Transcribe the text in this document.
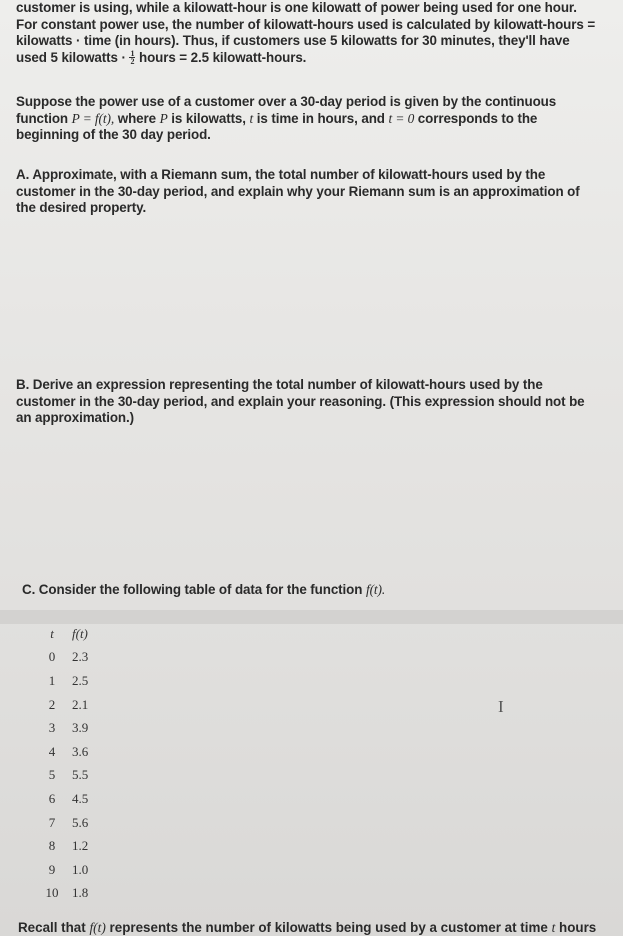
customer is using, while a kilowatt-hour is one kilowatt of power being used for one hour.
For constant power use, the number of kilowatt-hours used is calculated by kilowatt-hours =
kilowatts · time (in hours). Thus, if customers use 5 kilowatts for 30 minutes, they'll have
used 5 kilowatts · $\frac{1}{2}$ hours = 2.5 kilowatt-hours.
Suppose the power use of a customer over a 30-day period is given by the continuous
function P = f(t), where P is kilowatts, t is time in hours, and t = 0 corresponds to the
beginning of the 30 day period.
A. Approximate, with a Riemann sum, the total number of kilowatt-hours used by the
customer in the 30-day period, and explain why your Riemann sum is an approximation of
the desired property.
B. Derive an expression representing the total number of kilowatt-hours used by the
customer in the 30-day period, and explain your reasoning. (This expression should not be
an approximation.)
C. Consider the following table of data for the function f(t).
t	f(t)
0	2.3
1	2.5
2	2.1
3	3.9
4	3.6
5	5.5
6	4.5
7	5.6
8	1.2
9	1.0
10	1.8
I
Recall that f(t) represents the number of kilowatts being used by a customer at time t hours
